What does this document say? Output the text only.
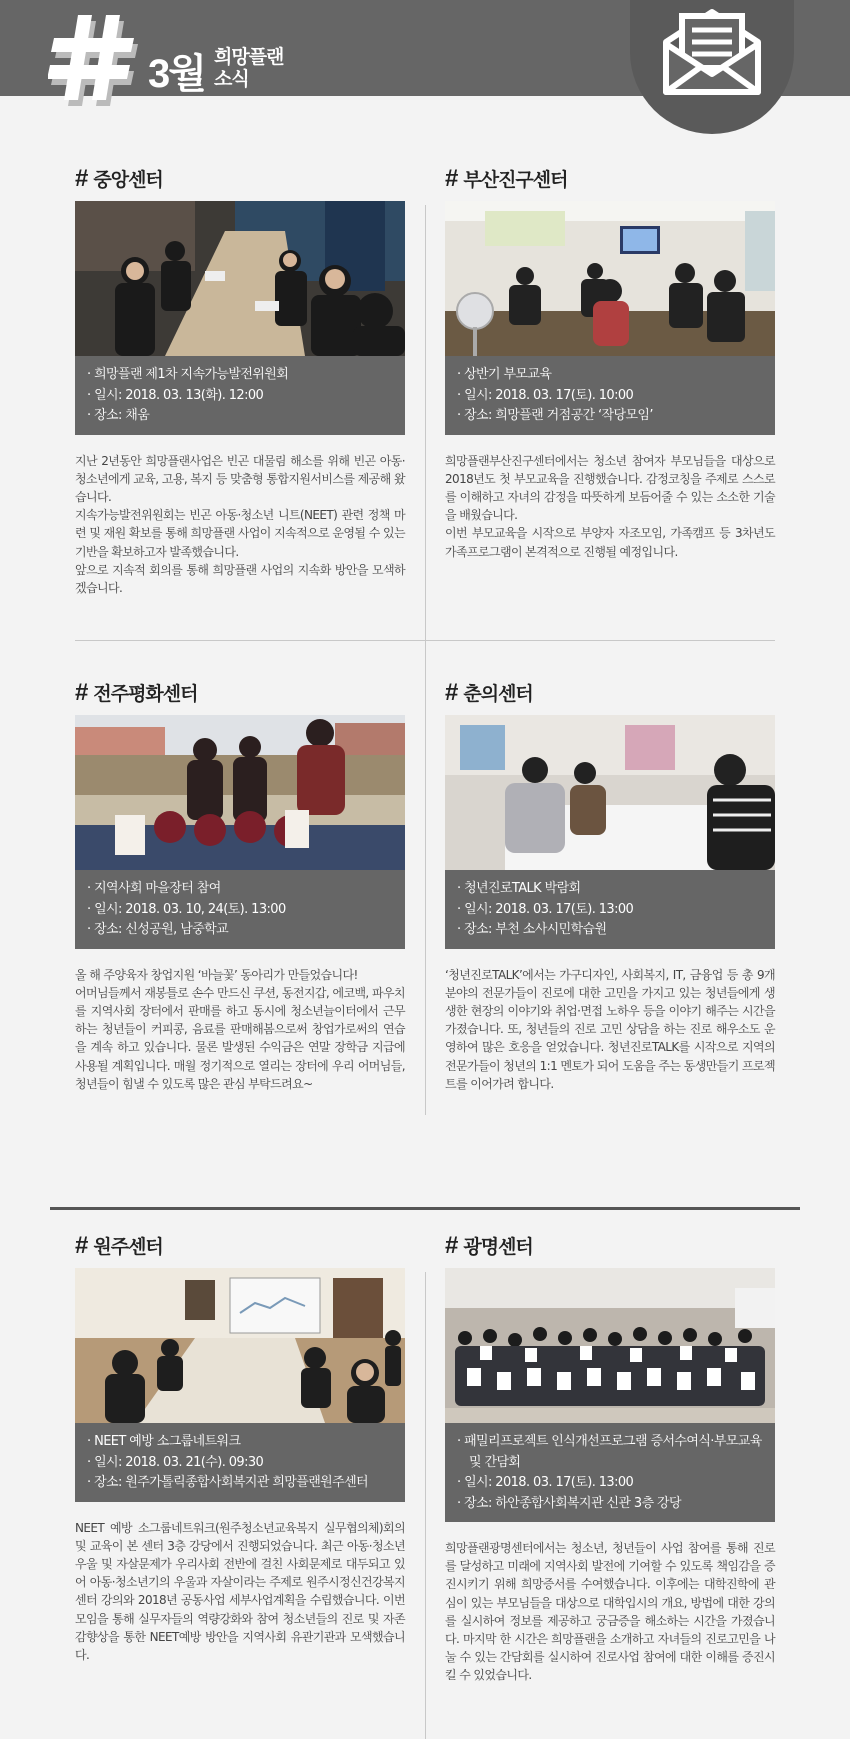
3월 희망플랜
소식
# 중앙센터
· 희망플랜 제1차 지속가능발전위원회
· 일시: 2018. 03. 13(화). 12:00
· 장소: 채움
지난 2년동안 희망플랜사업은 빈곤 대물림 해소를 위해 빈곤 아동·청소년에게 교육, 고용, 복지 등 맞춤형 통합지원서비스를 제공해 왔습니다.
지속가능발전위원회는 빈곤 아동·청소년 니트(NEET) 관련 정책 마련 및 재원 확보를 통해 희망플랜 사업이 지속적으로 운영될 수 있는 기반을 확보하고자 발족했습니다.
앞으로 지속적 회의를 통해 희망플랜 사업의 지속화 방안을 모색하겠습니다.
# 부산진구센터
· 상반기 부모교육
· 일시: 2018. 03. 17(토). 10:00
· 장소: 희망플랜 거점공간 ‘작당모임’
희망플랜부산진구센터에서는 청소년 참여자 부모님들을 대상으로 2018년도 첫 부모교육을 진행했습니다. 감정코칭을 주제로 스스로를 이해하고 자녀의 감정을 따뜻하게 보듬어줄 수 있는 소소한 기술을 배웠습니다.
이번 부모교육을 시작으로 부양자 자조모임, 가족캠프 등 3차년도 가족프로그램이 본격적으로 진행될 예정입니다.
# 전주평화센터
· 지역사회 마을장터 참여
· 일시: 2018. 03. 10, 24(토). 13:00
· 장소: 신성공원, 남중학교
올 해 주양육자 창업지원 ‘바늘꽃’ 동아리가 만들었습니다!
어머님들께서 재봉틀로 손수 만드신 쿠션, 동전지갑, 에코백, 파우치를 지역사회 장터에서 판매를 하고 동시에 청소년늘이터에서 근무하는 청년들이 커피콩, 음료를 판매해봄으로써 창업가로써의 연습을 계속 하고 있습니다. 물론 발생된 수익금은 연말 장학금 지급에 사용될 계획입니다. 매월 정기적으로 열리는 장터에 우리 어머님들, 청년들이 힘낼 수 있도록 많은 관심 부탁드려요~
# 춘의센터
· 청년진로TALK 박람회
· 일시: 2018. 03. 17(토). 13:00
· 장소: 부천 소사시민학습원
‘청년진로TALK’에서는 가구디자인, 사회복지, IT, 금융업 등 총 9개 분야의 전문가들이 진로에 대한 고민을 가지고 있는 청년들에게 생생한 현장의 이야기와 취업·면접 노하우 등을 이야기 해주는 시간을 가졌습니다. 또, 청년들의 진로 고민 상담을 하는 진로 해우소도 운영하여 많은 호응을 얻었습니다. 청년진로TALK를 시작으로 지역의 전문가들이 청년의 1:1 멘토가 되어 도움을 주는 동생만들기 프로젝트를 이어가려 합니다.
# 원주센터
· NEET 예방 소그룹네트워크
· 일시: 2018. 03. 21(수). 09:30
· 장소: 원주가톨릭종합사회복지관 희망플랜원주센터
NEET 예방 소그룹네트워크(원주청소년교육복지 실무협의체)회의 및 교육이 본 센터 3층 강당에서 진행되었습니다. 최근 아동·청소년 우울 및 자살문제가 우리사회 전반에 걸친 사회문제로 대두되고 있어 아동·청소년기의 우울과 자살이라는 주제로 원주시정신건강복지센터 강의와 2018년 공동사업 세부사업계획을 수립했습니다. 이번 모임을 통해 실무자들의 역량강화와 참여 청소년들의 진로 및 자존감향상을 통한 NEET예방 방안을 지역사회 유관기관과 모색했습니다.
# 광명센터
· 패밀리프로젝트 인식개선프로그램 증서수여식·부모교육 및 간담회
· 일시: 2018. 03. 17(토). 13:00
· 장소: 하안종합사회복지관 신관 3층 강당
희망플랜광명센터에서는 청소년, 청년들이 사업 참여를 통해 진로를 달성하고 미래에 지역사회 발전에 기여할 수 있도록 책임감을 증진시키기 위해 희망증서를 수여했습니다. 이후에는 대학진학에 관심이 있는 부모님들을 대상으로 대학입시의 개요, 방법에 대한 강의를 실시하여 정보를 제공하고 궁금증을 해소하는 시간을 가졌습니다. 마지막 한 시간은 희망플랜을 소개하고 자녀들의 진로고민을 나눌 수 있는 간담회를 실시하여 진로사업 참여에 대한 이해를 증진시킬 수 있었습니다.
